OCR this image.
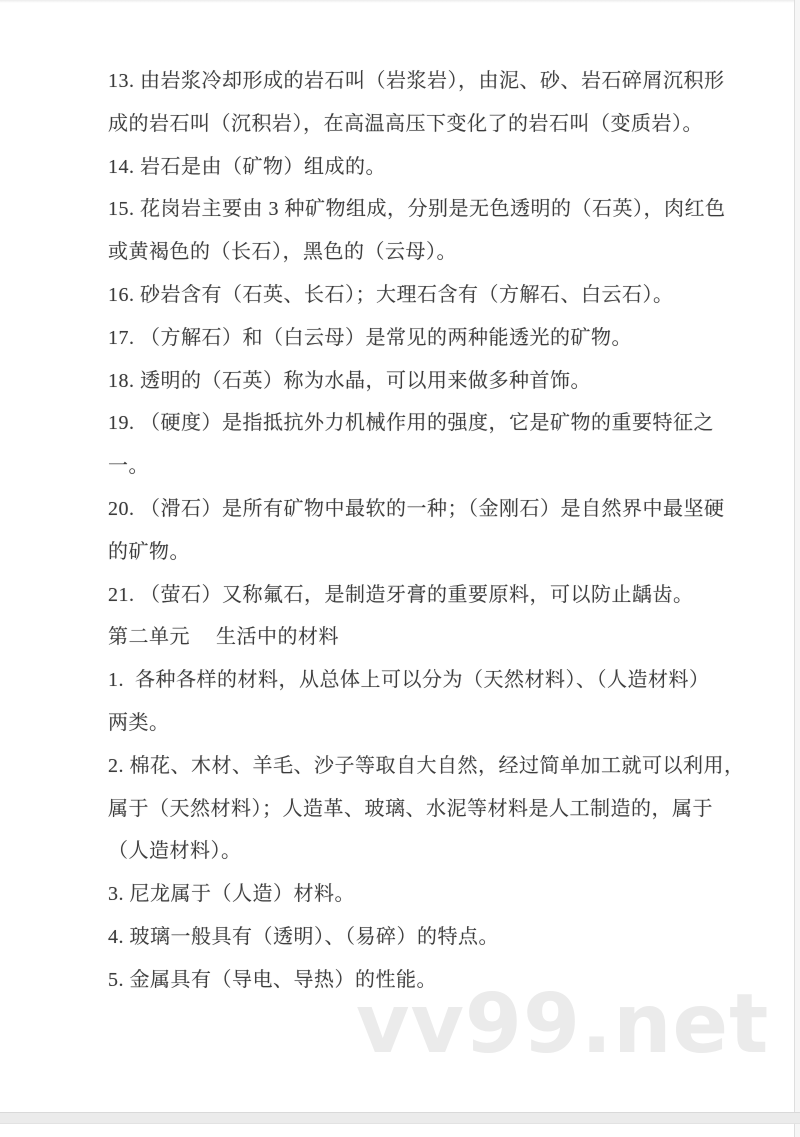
13. 由岩浆冷却形成的岩石叫（岩浆岩），由泥、砂、岩石碎屑沉积形
成的岩石叫（沉积岩），在高温高压下变化了的岩石叫（变质岩）。
14. 岩石是由（矿物）组成的。
15. 花岗岩主要由 3 种矿物组成，分别是无色透明的（石英），肉红色
或黄褐色的（长石），黑色的（云母）。
16. 砂岩含有（石英、长石）；大理石含有（方解石、白云石）。
17. （方解石）和（白云母）是常见的两种能透光的矿物。
18. 透明的（石英）称为水晶，可以用来做多种首饰。
19. （硬度）是指抵抗外力机械作用的强度，它是矿物的重要特征之
一。
20. （滑石）是所有矿物中最软的一种；（金刚石）是自然界中最坚硬
的矿物。
21. （萤石）又称氟石，是制造牙膏的重要原料，可以防止龋齿。
第二单元　 生活中的材料
1.  各种各样的材料，从总体上可以分为（天然材料）、（人造材料）
两类。
2. 棉花、木材、羊毛、沙子等取自大自然，经过简单加工就可以利用，
属于（天然材料）；人造革、玻璃、水泥等材料是人工制造的，属于
（人造材料）。
3. 尼龙属于（人造）材料。
4. 玻璃一般具有（透明）、（易碎）的特点。
5. 金属具有（导电、导热）的性能。
vv99.net
